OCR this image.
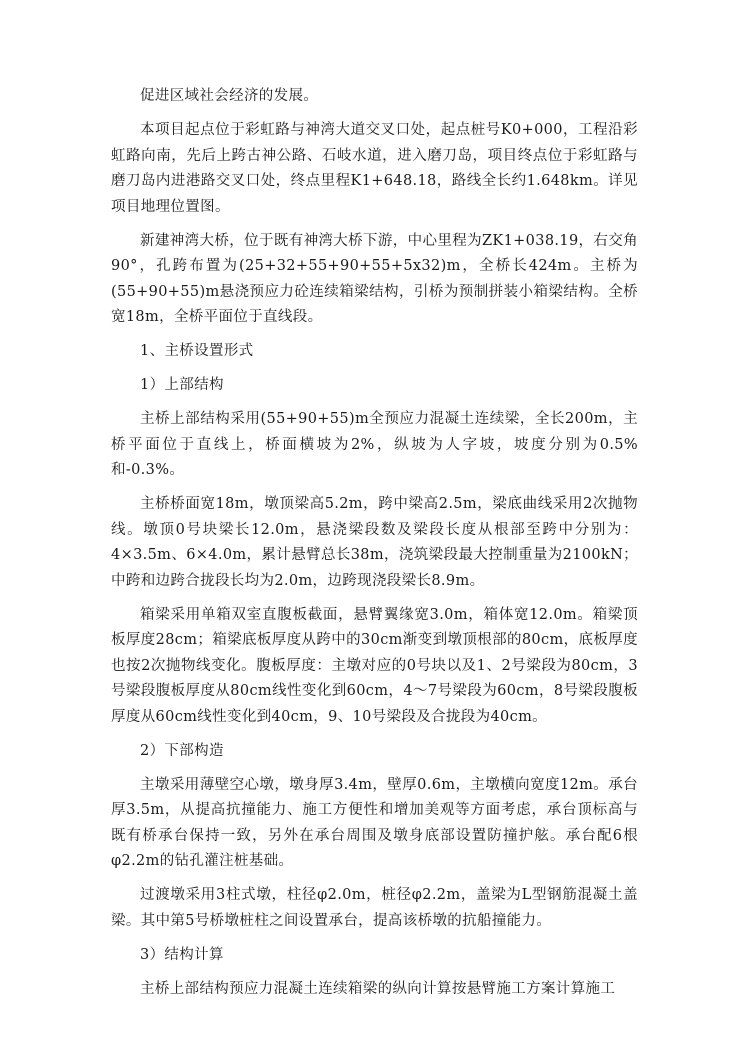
促进区域社会经济的发展。

本项目起点位于彩虹路与神湾大道交叉口处，起点桩号K0+000，工程沿彩虹路向南，先后上跨古神公路、石岐水道，进入磨刀岛，项目终点位于彩虹路与磨刀岛内进港路交叉口处，终点里程K1+648.18，路线全长约1.648km。详见项目地理位置图。

新建神湾大桥，位于既有神湾大桥下游，中心里程为ZK1+038.19，右交角90°，孔跨布置为(25+32+55+90+55+5x32)m，全桥长424m。主桥为(55+90+55)m悬浇预应力砼连续箱梁结构，引桥为预制拼装小箱梁结构。全桥宽18m，全桥平面位于直线段。

1、主桥设置形式

1）上部结构

主桥上部结构采用(55+90+55)m全预应力混凝土连续梁，全长200m，主桥平面位于直线上，桥面横坡为2%，纵坡为人字坡，坡度分别为0.5%和-0.3%。

主桥桥面宽18m，墩顶梁高5.2m，跨中梁高2.5m，梁底曲线采用2次抛物线。墩顶0号块梁长12.0m，悬浇梁段数及梁段长度从根部至跨中分别为：4×3.5m、6×4.0m，累计悬臂总长38m，浇筑梁段最大控制重量为2100kN；中跨和边跨合拢段长均为2.0m，边跨现浇段梁长8.9m。

箱梁采用单箱双室直腹板截面，悬臂翼缘宽3.0m，箱体宽12.0m。箱梁顶板厚度28cm；箱梁底板厚度从跨中的30cm渐变到墩顶根部的80cm，底板厚度也按2次抛物线变化。腹板厚度：主墩对应的0号块以及1、2号梁段为80cm，3号梁段腹板厚度从80cm线性变化到60cm，4～7号梁段为60cm，8号梁段腹板厚度从60cm线性变化到40cm，9、10号梁段及合拢段为40cm。

2）下部构造

主墩采用薄壁空心墩，墩身厚3.4m，壁厚0.6m，主墩横向宽度12m。承台厚3.5m，从提高抗撞能力、施工方便性和增加美观等方面考虑，承台顶标高与既有桥承台保持一致，另外在承台周围及墩身底部设置防撞护舷。承台配6根φ2.2m的钻孔灌注桩基础。

过渡墩采用3柱式墩，柱径φ2.0m，桩径φ2.2m，盖梁为L型钢筋混凝土盖梁。其中第5号桥墩桩柱之间设置承台，提高该桥墩的抗船撞能力。

3）结构计算

主桥上部结构预应力混凝土连续箱梁的纵向计算按悬臂施工方案计算施工
